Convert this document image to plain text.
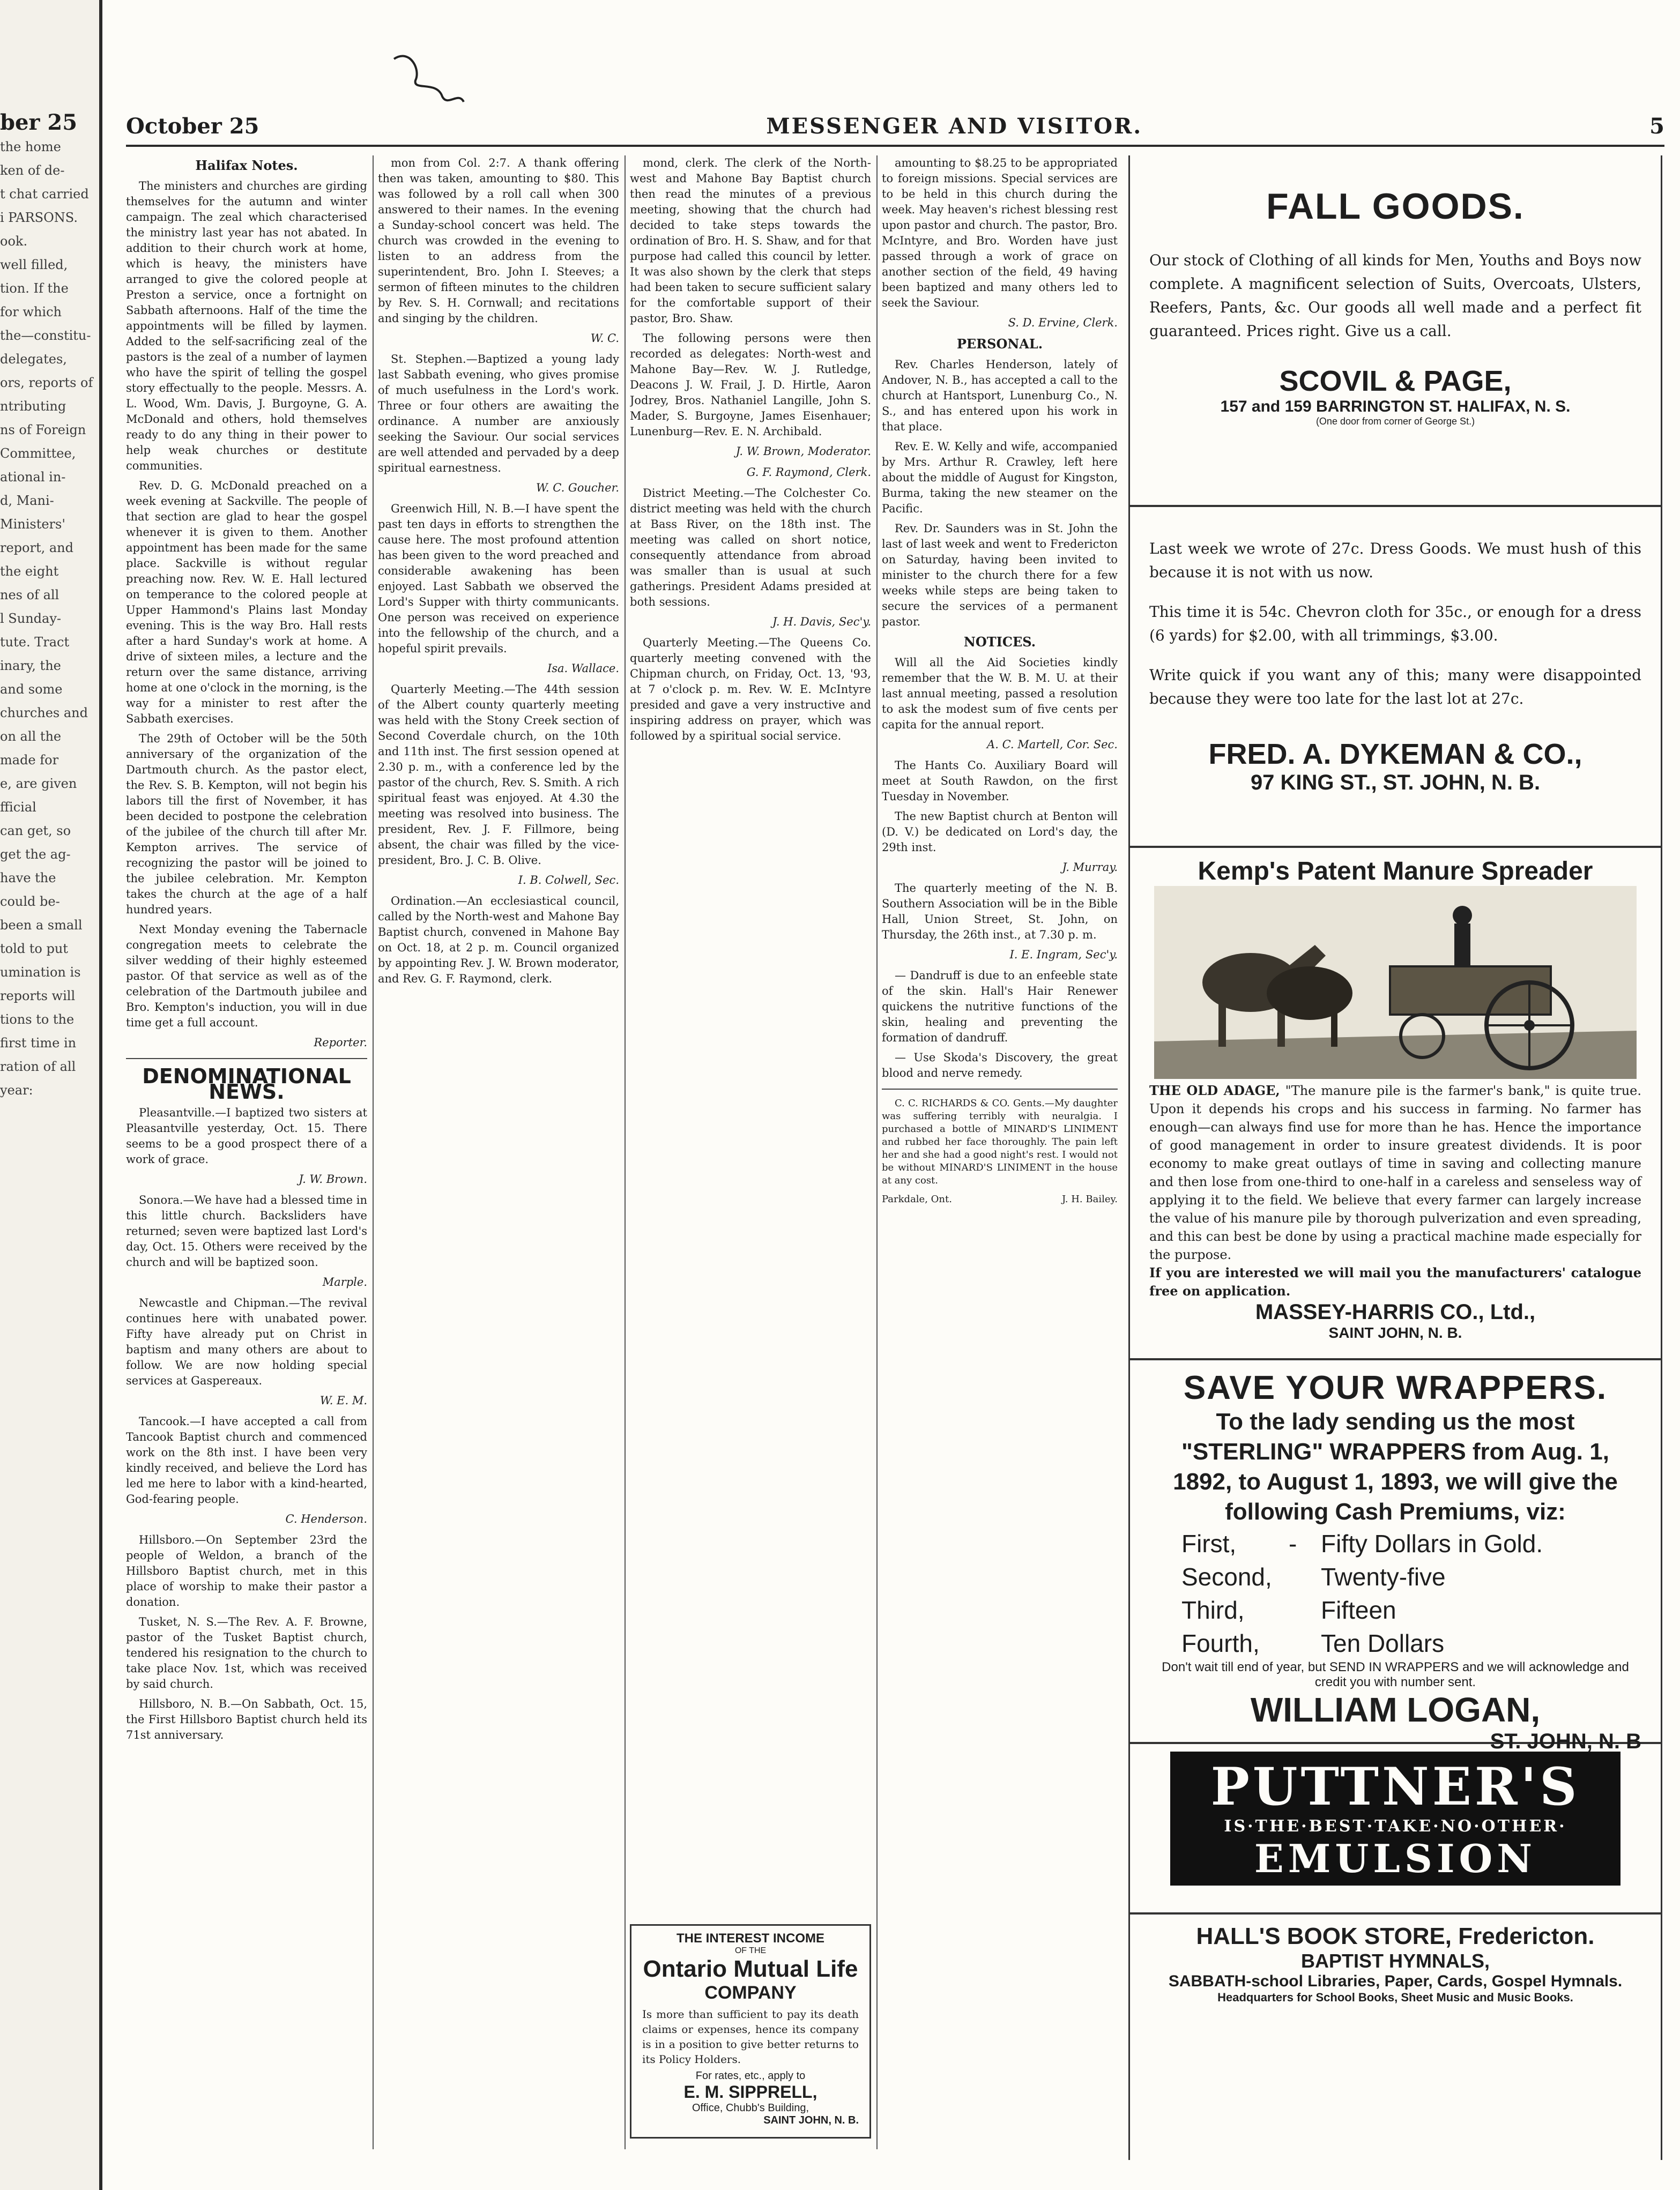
ber 25
the home
ken of de-
t chat carried
i PARSONS.
ook.
well filled,
tion. If the
for which
the—constitu-
delegates,
ors, reports of
ntributing
ns of Foreign
Committee,
ational in-
d, Mani-
Ministers'
report, and
the eight
nes of all
l Sunday-
tute. Tract
inary, the
and some
churches and
on all the
made for
e, are given
fficial
can get, so
get the ag-
have the
could be-
been a small
told to put
umination is
reports will
tions to the
first time in
ration of all
year:
October 25	MESSENGER AND VISITOR.	5
Halifax Notes.

The ministers and churches are girding themselves for the autumn and winter campaign. The zeal which characterised the ministry last year has not abated. In addition to their church work at home, which is heavy, the ministers have arranged to give the colored people at Preston a service, once a fortnight on Sabbath afternoons. Half of the time the appointments will be filled by laymen. Added to the self-sacrificing zeal of the pastors is the zeal of a number of laymen who have the spirit of telling the gospel story effectually to the people. Messrs. A. L. Wood, Wm. Davis, J. Burgoyne, G. A. McDonald and others, hold themselves ready to do any thing in their power to help weak churches or destitute communities.

Rev. D. G. McDonald preached on a week evening at Sackville. The people of that section are glad to hear the gospel whenever it is given to them. Another appointment has been made for the same place. Sackville is without regular preaching now. Rev. W. E. Hall lectured on temperance to the colored people at Upper Hammond's Plains last Monday evening. This is the way Bro. Hall rests after a hard Sunday's work at home. A drive of sixteen miles, a lecture and the return over the same distance, arriving home at one o'clock in the morning, is the way for a minister to rest after the Sabbath exercises.

The 29th of October will be the 50th anniversary of the organization of the Dartmouth church. As the pastor elect, the Rev. S. B. Kempton, will not begin his labors till the first of November, it has been decided to postpone the celebration of the jubilee of the church till after Mr. Kempton arrives. The service of recognizing the pastor will be joined to the jubilee celebration. Mr. Kempton takes the church at the age of a half hundred years.

Next Monday evening the Tabernacle congregation meets to celebrate the silver wedding of their highly esteemed pastor. Of that service as well as of the celebration of the Dartmouth jubilee and Bro. Kempton's induction, you will in due time get a full account.

Reporter.
DENOMINATIONAL NEWS.

Pleasantville.—I baptized two sisters at Pleasantville yesterday, Oct. 15. There seems to be a good prospect there of a work of grace.

J. W. Brown.

Sonora.—We have had a blessed time in this little church. Backsliders have returned; seven were baptized last Lord's day, Oct. 15. Others were received by the church and will be baptized soon.

Marple.

Newcastle and Chipman.—The revival continues here with unabated power. Fifty have already put on Christ in baptism and many others are about to follow. We are now holding special services at Gaspereaux.

W. E. M.

Tancook.—I have accepted a call from Tancook Baptist church and commenced work on the 8th inst. I have been very kindly received, and believe the Lord has led me here to labor with a kind-hearted, God-fearing people.

C. Henderson.

Hillsboro.—On September 23rd the people of Weldon, a branch of the Hillsboro Baptist church, met in this place of worship to make their pastor a donation.

Tusket, N. S.—The Rev. A. F. Browne, pastor of the Tusket Baptist church, tendered his resignation to the church to take place Nov. 1st, which was received by said church.

Hillsboro, N. B.—On Sabbath, Oct. 15, the First Hillsboro Baptist church held its 71st anniversary.

mon from Col. 2:7. A thank offering then was taken, amounting to $80. This was followed by a roll call when 300 answered to their names. In the evening a Sunday-school concert was held. The church was crowded in the evening to listen to an address from the superintendent, Bro. John I. Steeves; a sermon of fifteen minutes to the children by Rev. S. H. Cornwall; and recitations and singing by the children.

W. C.

St. Stephen.—Baptized a young lady last Sabbath evening, who gives promise of much usefulness in the Lord's work. Three or four others are awaiting the ordinance. A number are anxiously seeking the Saviour. Our social services are well attended and pervaded by a deep spiritual earnestness.

W. C. Goucher.

Greenwich Hill, N. B.—I have spent the past ten days in efforts to strengthen the cause here. The most profound attention has been given to the word preached and considerable awakening has been enjoyed. Last Sabbath we observed the Lord's Supper with thirty communicants. One person was received on experience into the fellowship of the church, and a hopeful spirit prevails.

Isa. Wallace.

Quarterly Meeting.—The 44th session of the Albert county quarterly meeting was held with the Stony Creek section of Second Coverdale church, on the 10th and 11th inst. The first session opened at 2.30 p. m., with a conference led by the pastor of the church, Rev. S. Smith. A rich spiritual feast was enjoyed. At 4.30 the meeting was resolved into business. The president, Rev. J. F. Fillmore, being absent, the chair was filled by the vice-president, Bro. J. C. B. Olive.

I. B. Colwell, Sec.

Ordination.—An ecclesiastical council, called by the North-west and Mahone Bay Baptist church, convened in Mahone Bay on Oct. 18, at 2 p. m. Council organized by appointing Rev. J. W. Brown moderator, and Rev. G. F. Raymond, clerk.

mond, clerk. The clerk of the North-west and Mahone Bay Baptist church then read the minutes of a previous meeting, showing that the church had decided to take steps towards the ordination of Bro. H. S. Shaw, and for that purpose had called this council by letter. It was also shown by the clerk that steps had been taken to secure sufficient salary for the comfortable support of their pastor, Bro. Shaw.

The following persons were then recorded as delegates: North-west and Mahone Bay—Rev. W. J. Rutledge, Deacons J. W. Frail, J. D. Hirtle, Aaron Jodrey, Bros. Nathaniel Langille, John S. Mader, S. Burgoyne, James Eisenhauer; Lunenburg—Rev. E. N. Archibald.

J. W. Brown, Moderator.
G. F. Raymond, Clerk.

District Meeting.—The Colchester Co. district meeting was held with the church at Bass River, on the 18th inst. The meeting was called on short notice, consequently attendance from abroad was smaller than is usual at such gatherings. President Adams presided at both sessions.

J. H. Davis, Sec'y.

Quarterly Meeting.—The Queens Co. quarterly meeting convened with the Chipman church, on Friday, Oct. 13, '93, at 7 o'clock p. m. Rev. W. E. McIntyre presided and gave a very instructive and inspiring address on prayer, which was followed by a spiritual social service.

amounting to $8.25 to be appropriated to foreign missions. Special services are to be held in this church during the week. May heaven's richest blessing rest upon pastor and church. The pastor, Bro. McIntyre, and Bro. Worden have just passed through a work of grace on another section of the field, 49 having been baptized and many others led to seek the Saviour.

S. D. Ervine, Clerk.
PERSONAL.

Rev. Charles Henderson, lately of Andover, N. B., has accepted a call to the church at Hantsport, Lunenburg Co., N. S., and has entered upon his work in that place.

Rev. E. W. Kelly and wife, accompanied by Mrs. Arthur R. Crawley, left here about the middle of August for Kingston, Burma, taking the new steamer on the Pacific.

Rev. Dr. Saunders was in St. John the last of last week and went to Fredericton on Saturday, having been invited to minister to the church there for a few weeks while steps are being taken to secure the services of a permanent pastor.

NOTICES.

Will all the Aid Societies kindly remember that the W. B. M. U. at their last annual meeting, passed a resolution to ask the modest sum of five cents per capita for the annual report.

A. C. Martell, Cor. Sec.

The Hants Co. Auxiliary Board will meet at South Rawdon, on the first Tuesday in November.

The new Baptist church at Benton will (D. V.) be dedicated on Lord's day, the 29th inst.

J. Murray.

The quarterly meeting of the N. B. Southern Association will be in the Bible Hall, Union Street, St. John, on Thursday, the 26th inst., at 7.30 p. m.

I. E. Ingram, Sec'y.

— Dandruff is due to an enfeeble state of the skin. Hall's Hair Renewer quickens the nutritive functions of the skin, healing and preventing the formation of dandruff.

— Use Skoda's Discovery, the great blood and nerve remedy.

C. C. RICHARDS & CO. Gents.—My daughter was suffering terribly with neuralgia. I purchased a bottle of MINARD'S LINIMENT and rubbed her face thoroughly. The pain left her and she had a good night's rest. I would not be without MINARD'S LINIMENT in the house at any cost.

Parkdale, Ont.	J. H. Bailey.
THE INTEREST INCOME
OF THE
Ontario Mutual Life
COMPANY
Is more than sufficient to pay its death claims or expenses, hence its company is in a position to give better returns to its Policy Holders.
For rates, etc., apply to
E. M. SIPPRELL,
Office, Chubb's Building,
SAINT JOHN, N. B.
FALL GOODS.
Our stock of Clothing of all kinds for Men, Youths and Boys now complete. A magnificent selection of Suits, Overcoats, Ulsters, Reefers, Pants, &c. Our goods all well made and a perfect fit guaranteed. Prices right. Give us a call.
SCOVIL & PAGE,
157 and 159 BARRINGTON ST. HALIFAX, N. S.
(One door from corner of George St.)
Last week we wrote of 27c. Dress Goods. We must hush of this because it is not with us now.
This time it is 54c. Chevron cloth for 35c., or enough for a dress (6 yards) for $2.00, with all trimmings, $3.00.
Write quick if you want any of this; many were disappointed because they were too late for the last lot at 27c.
FRED. A. DYKEMAN & CO.,
97 KING ST., ST. JOHN, N. B.
Kemp's Patent Manure Spreader
THE OLD ADAGE, "The manure pile is the farmer's bank," is quite true. Upon it depends his crops and his success in farming. No farmer has enough—can always find use for more than he has. Hence the importance of good management in order to insure greatest dividends. It is poor economy to make great outlays of time in saving and collecting manure and then lose from one-third to one-half in a careless and senseless way of applying it to the field. We believe that every farmer can largely increase the value of his manure pile by thorough pulverization and even spreading, and this can best be done by using a practical machine made especially for the purpose.
If you are interested we will mail you the manufacturers' catalogue free on application.
MASSEY-HARRIS CO., Ltd.,
SAINT JOHN, N. B.
SAVE YOUR WRAPPERS.
To the lady sending us the most "STERLING" WRAPPERS from Aug. 1, 1892, to August 1, 1893, we will give the following Cash Premiums, viz:
First,	- Fifty Dollars in Gold.
Second,	Twenty-five
Third,	Fifteen
Fourth,	Ten Dollars
Don't wait till end of year, but SEND IN WRAPPERS and we will acknowledge and credit you with number sent.
WILLIAM LOGAN,
ST. JOHN, N. B
PUTTNER'S
IS·THE·BEST·TAKE·NO·OTHER·
EMULSION
HALL'S BOOK STORE, Fredericton.
BAPTIST HYMNALS,
SABBATH-school Libraries, Paper, Cards, Gospel Hymnals.
Headquarters for School Books, Sheet Music and Music Books.
